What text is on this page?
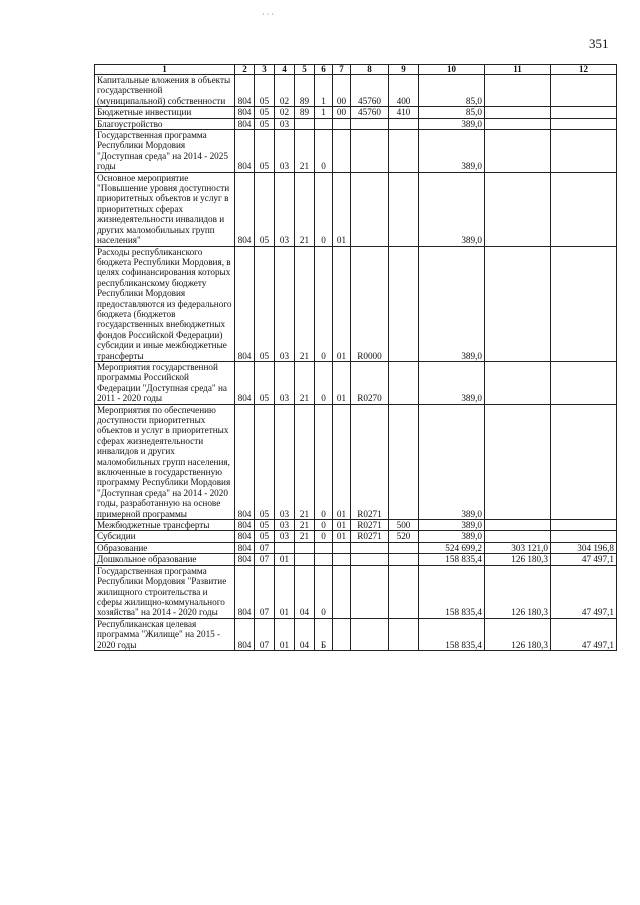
351
· · ·
1	2	3	4	5	6	7	8	9	10	11	12
Капитальные вложения в объекты государственной (муниципальной) собственности	804	05	02	89	1	00	45760	400	85,0		
Бюджетные инвестиции	804	05	02	89	1	00	45760	410	85,0		
Благоустройство	804	05	03						389,0		
Государственная программа Республики Мордовия "Доступная среда" на 2014 - 2025 годы	804	05	03	21	0				389,0		
Основное мероприятие "Повышение уровня доступности приоритетных объектов и услуг в приоритетных сферах жизнедеятельности инвалидов и других маломобильных групп населения"	804	05	03	21	0	01			389,0		
Расходы республиканского бюджета Республики Мордовия, в целях софинансирования которых республиканскому бюджету Республики Мордовия предоставляются из федерального бюджета (бюджетов государственных внебюджетных фондов Российской Федерации) субсидии и иные межбюджетные трансферты	804	05	03	21	0	01	R0000		389,0		
Мероприятия государственной программы Российской Федерации "Доступная среда" на 2011 - 2020 годы	804	05	03	21	0	01	R0270		389,0		
Мероприятия по обеспечению доступности приоритетных объектов и услуг в приоритетных сферах жизнедеятельности инвалидов и других маломобильных групп населения, включенные в государственную программу Республики Мордовия "Доступная среда" на 2014 - 2020 годы, разработанную на основе примерной программы	804	05	03	21	0	01	R0271		389,0		
Межбюджетные трансферты	804	05	03	21	0	01	R0271	500	389,0		
Субсидии	804	05	03	21	0	01	R0271	520	389,0		
Образование	804	07							524 699,2	303 121,0	304 196,8
Дошкольное образование	804	07	01						158 835,4	126 180,3	47 497,1
Государственная программа Республики Мордовия "Развитие жилищного строительства и сферы жилищно-коммунального хозяйства" на 2014 - 2020 годы	804	07	01	04	0				158 835,4	126 180,3	47 497,1
Республиканская целевая программа "Жилище" на 2015 - 2020 годы	804	07	01	04	Б				158 835,4	126 180,3	47 497,1
